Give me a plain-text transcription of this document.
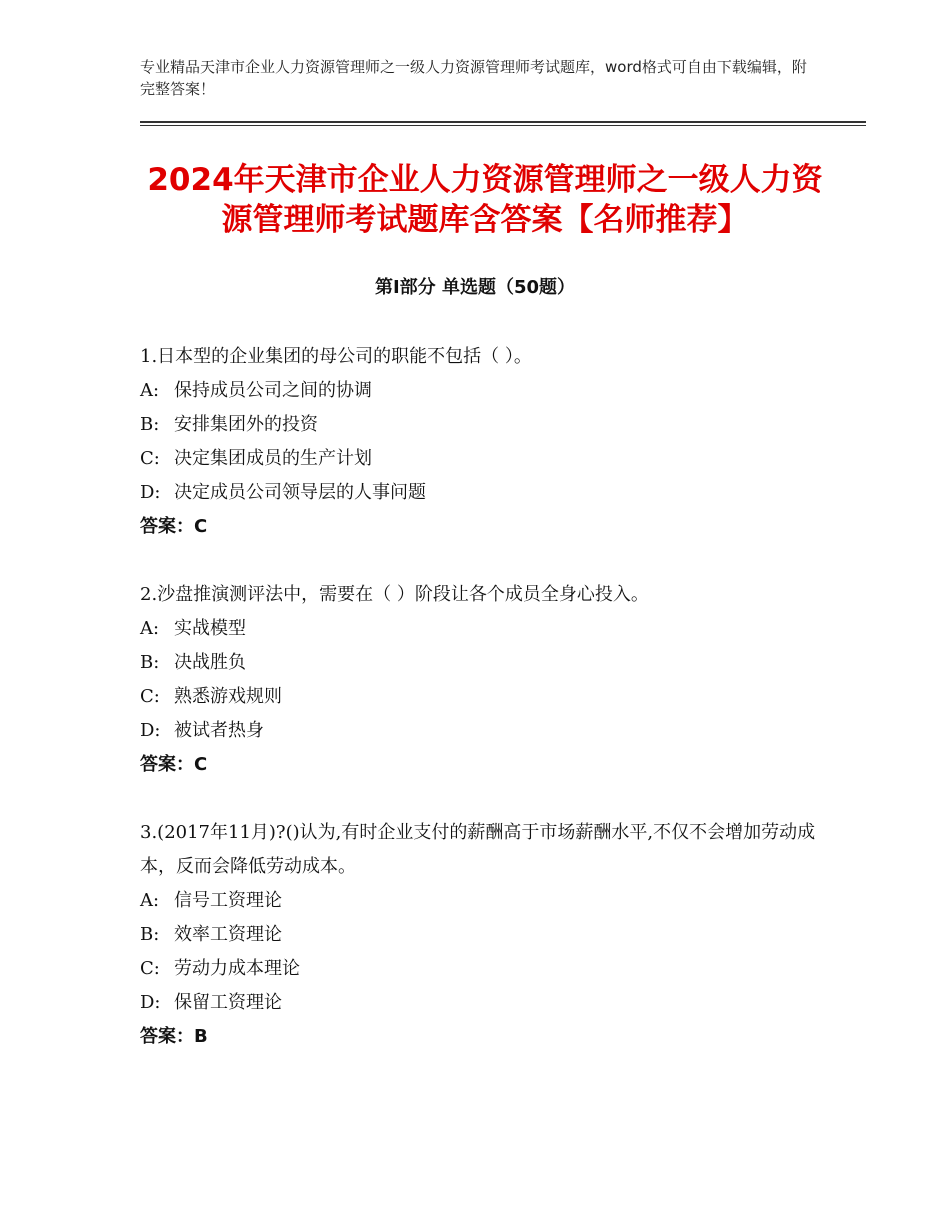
专业精品天津市企业人力资源管理师之一级人力资源管理师考试题库，word格式可自由下载编辑，附完整答案！
2024年天津市企业人力资源管理师之一级人力资源管理师考试题库含答案【名师推荐】
第Ⅰ部分 单选题（50题）

1.日本型的企业集团的母公司的职能不包括（ ）。

A: 保持成员公司之间的协调
B: 安排集团外的投资
C: 决定集团成员的生产计划
D: 决定成员公司领导层的人事问题
答案：C

2.沙盘推演测评法中，需要在（ ）阶段让各个成员全身心投入。

A: 实战模型
B: 决战胜负
C: 熟悉游戏规则
D: 被试者热身
答案：C

3.(2017年11月)?()认为,有时企业支付的薪酬高于市场薪酬水平,不仅不会增加劳动成本，反而会降低劳动成本。

A: 信号工资理论
B: 效率工资理论
C: 劳动力成本理论
D: 保留工资理论
答案：B
